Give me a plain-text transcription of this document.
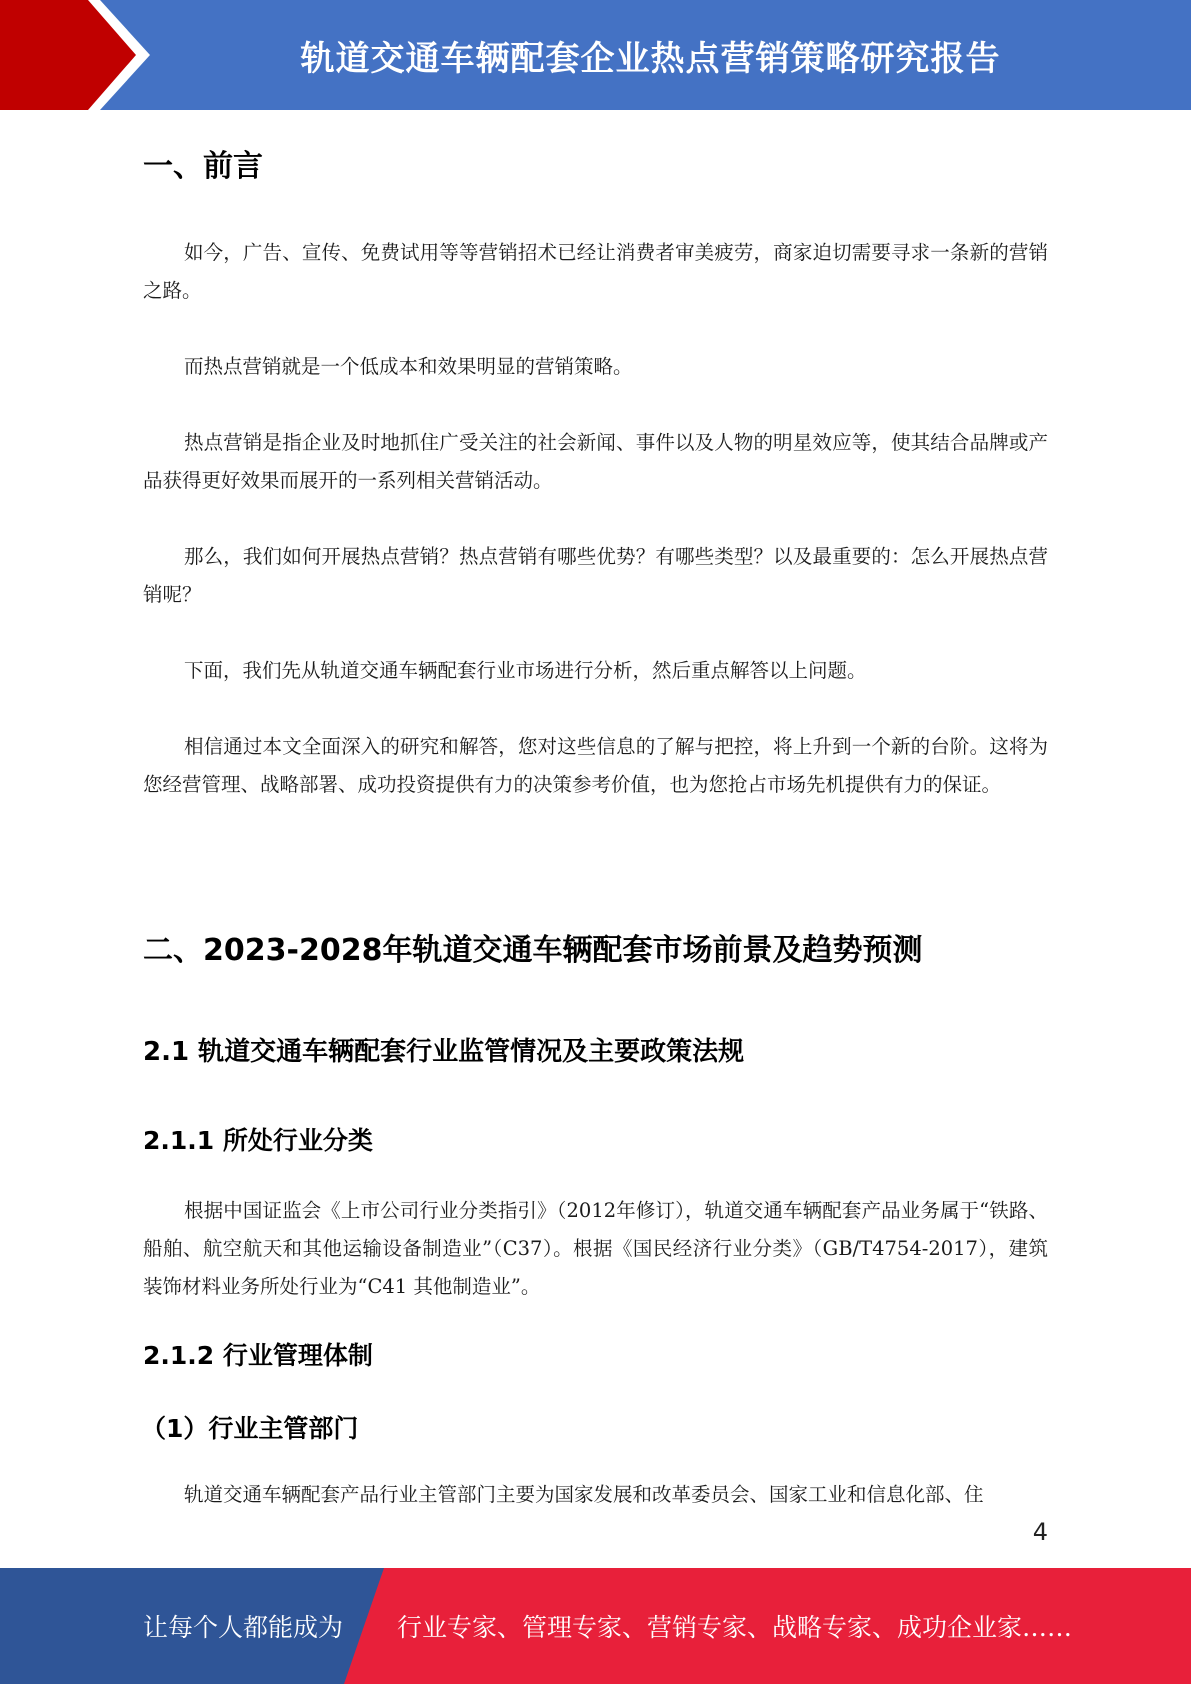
轨道交通车辆配套企业热点营销策略研究报告
一、前言

如今，广告、宣传、免费试用等等营销招术已经让消费者审美疲劳，商家迫切需要寻求一条新的营销之路。

而热点营销就是一个低成本和效果明显的营销策略。

热点营销是指企业及时地抓住广受关注的社会新闻、事件以及人物的明星效应等，使其结合品牌或产品获得更好效果而展开的一系列相关营销活动。

那么，我们如何开展热点营销？热点营销有哪些优势？有哪些类型？以及最重要的：怎么开展热点营销呢？

下面，我们先从轨道交通车辆配套行业市场进行分析，然后重点解答以上问题。

相信通过本文全面深入的研究和解答，您对这些信息的了解与把控，将上升到一个新的台阶。这将为您经营管理、战略部署、成功投资提供有力的决策参考价值，也为您抢占市场先机提供有力的保证。

二、2023-2028年轨道交通车辆配套市场前景及趋势预测
2.1 轨道交通车辆配套行业监管情况及主要政策法规
2.1.1 所处行业分类

根据中国证监会《上市公司行业分类指引》（2012年修订），轨道交通车辆配套产品业务属于“铁路、船舶、航空航天和其他运输设备制造业”（C37）。根据《国民经济行业分类》（GB/T4754-2017），建筑装饰材料业务所处行业为“C41 其他制造业”。

2.1.2 行业管理体制
（1）行业主管部门

轨道交通车辆配套产品行业主管部门主要为国家发展和改革委员会、国家工业和信息化部、住

4
让每个人都能成为 行业专家、管理专家、营销专家、战略专家、成功企业家……
